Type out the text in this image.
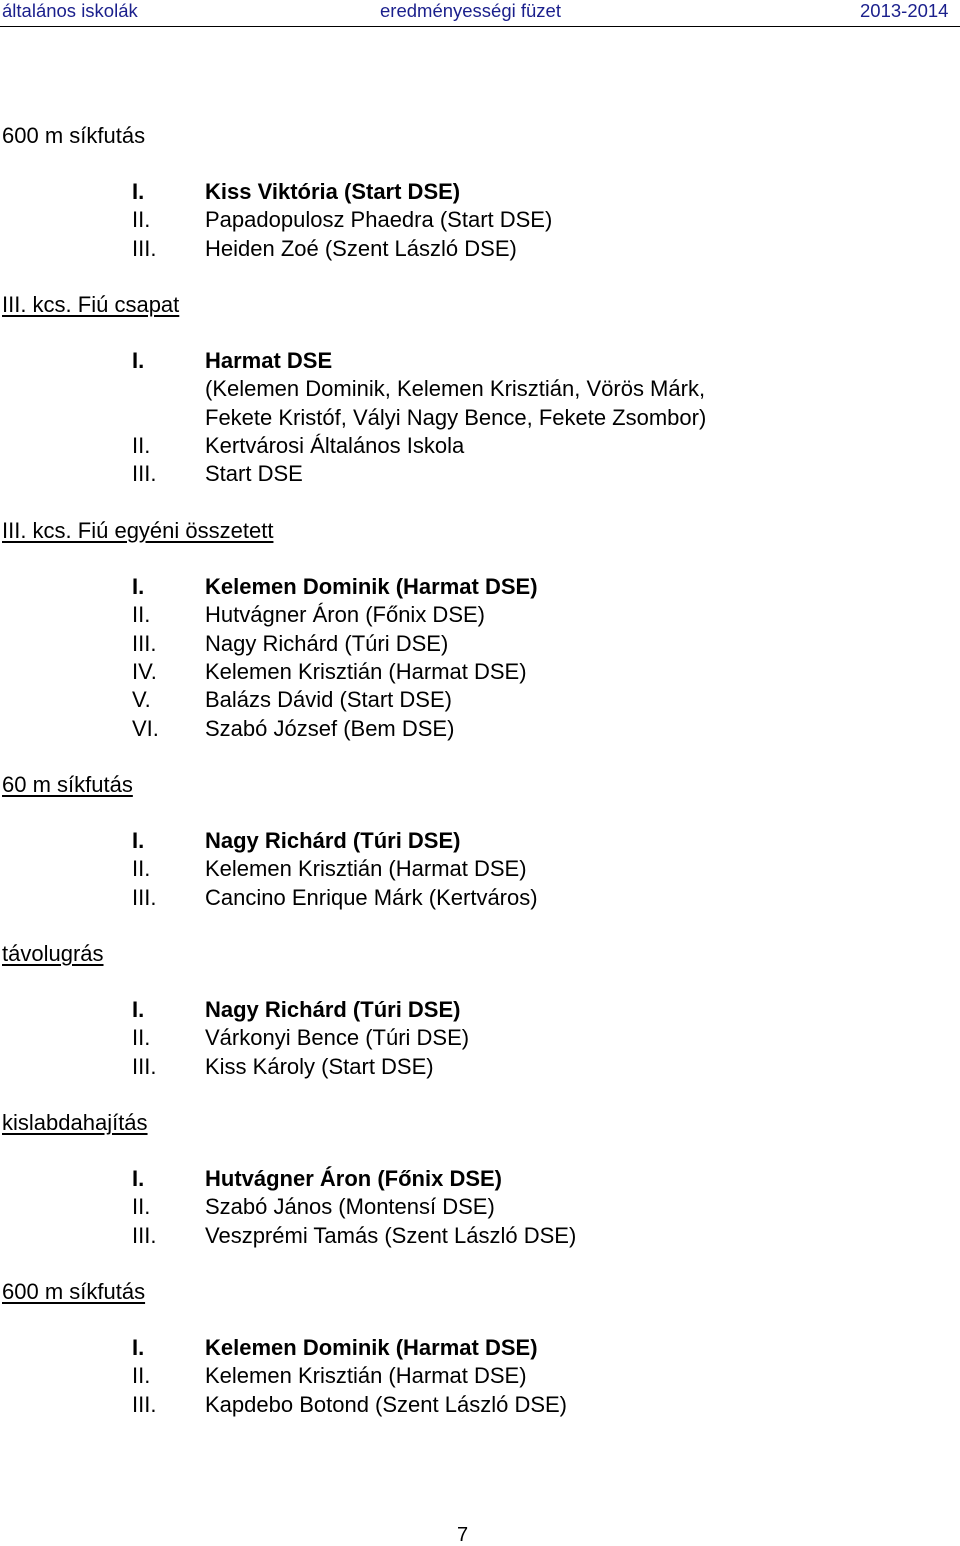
általános iskolák	eredményességi füzet	2013-2014
600 m síkfutás
I.	Kiss Viktória (Start DSE)
II. Papadopulosz Phaedra (Start DSE)
III. Heiden Zoé (Szent László DSE)
III. kcs. Fiú csapat
I.	Harmat DSE
(Kelemen Dominik, Kelemen Krisztián, Vörös Márk,
Fekete Kristóf, Vályi Nagy Bence, Fekete Zsombor)
II. Kertvárosi Általános Iskola
III. Start DSE
III. kcs. Fiú egyéni összetett
I.	Kelemen Dominik (Harmat DSE)
II. Hutvágner Áron (Főnix DSE)
III. Nagy Richárd (Túri DSE)
IV. Kelemen Krisztián (Harmat DSE)
V. Balázs Dávid (Start DSE)
VI. Szabó József (Bem DSE)
60 m síkfutás
I.	Nagy Richárd (Túri DSE)
II. Kelemen Krisztián (Harmat DSE)
III. Cancino Enrique Márk (Kertváros)
távolugrás
I.	Nagy Richárd (Túri DSE)
II. Várkonyi Bence (Túri DSE)
III. Kiss Károly (Start DSE)
kislabdahajítás
I.	Hutvágner Áron (Főnix DSE)
II. Szabó János (Montensí DSE)
III. Veszprémi Tamás (Szent László DSE)
600 m síkfutás
I.	Kelemen Dominik (Harmat DSE)
II. Kelemen Krisztián (Harmat DSE)
III. Kapdebo Botond (Szent László DSE)
7
